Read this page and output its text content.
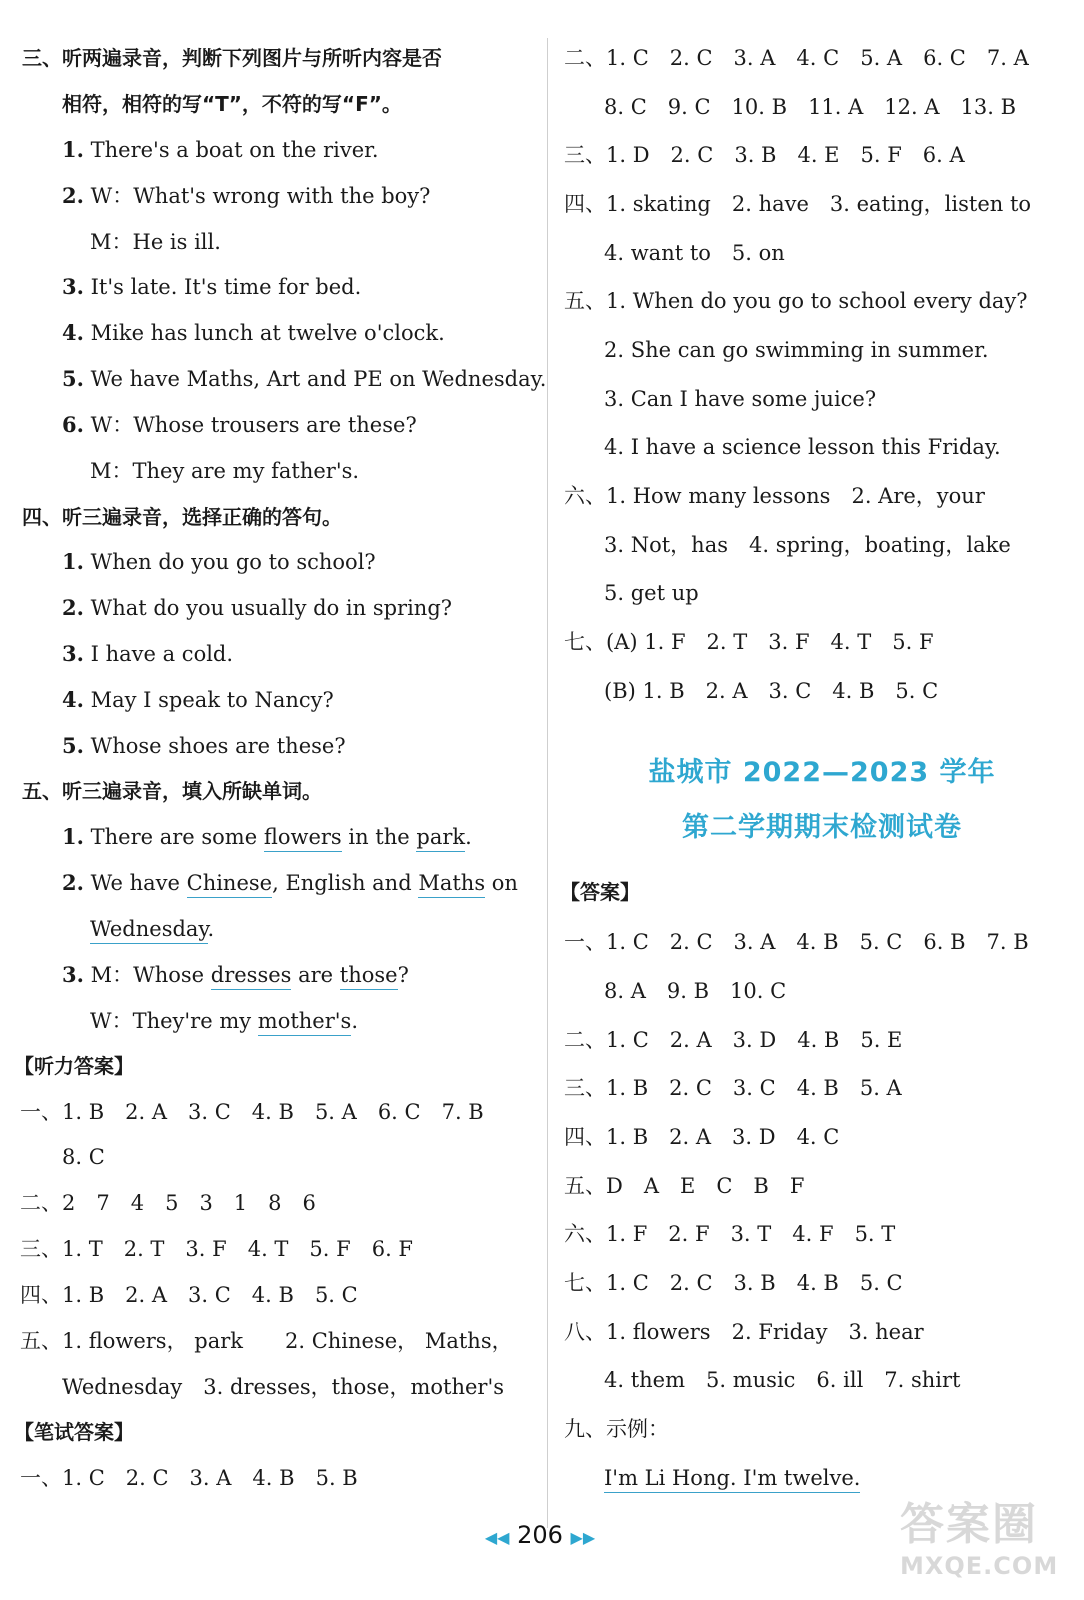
三、听两遍录音，判断下列图片与所听内容是否
相符，相符的写“T”，不符的写“F”。
1. There's a boat on the river.
2. W：What's wrong with the boy?
M：He is ill.
3. It's late. It's time for bed.
4. Mike has lunch at twelve o'clock.
5. We have Maths, Art and PE on Wednesday.
6. W：Whose trousers are these?
M：They are my father's.
四、听三遍录音，选择正确的答句。
1. When do you go to school?
2. What do you usually do in spring?
3. I have a cold.
4. May I speak to Nancy?
5. Whose shoes are these?
五、听三遍录音，填入所缺单词。
1. There are some flowers in the park.
2. We have Chinese, English and Maths on
Wednesday.
3. M：Whose dresses are those?
W：They're my mother's.
【听力答案】
一、1. B　2. A　3. C　4. B　5. A　6. C　7. B
8. C
二、2　7　4　5　3　1　8　6
三、1. T　2. T　3. F　4. T　5. F　6. F
四、1. B　2. A　3. C　4. B　5. C
五、1. flowers， park　　2. Chinese， Maths，
Wednesday　3. dresses，those，mother's
【笔试答案】
一、1. C　2. C　3. A　4. B　5. B
二、1. C　2. C　3. A　4. C　5. A　6. C　7. A
8. C　9. C　10. B　11. A　12. A　13. B
三、1. D　2. C　3. B　4. E　5. F　6. A
四、1. skating　2. have　3. eating，listen to
4. want to　5. on
五、1. When do you go to school every day?
2. She can go swimming in summer.
3. Can I have some juice?
4. I have a science lesson this Friday.
六、1. How many lessons　2. Are，your
3. Not，has　4. spring，boating，lake
5. get up
七、(A) 1. F　2. T　3. F　4. T　5. F
(B) 1. B　2. A　3. C　4. B　5. C
盐城市 2022—2023 学年
第二学期期末检测试卷
【答案】
一、1. C　2. C　3. A　4. B　5. C　6. B　7. B
8. A　9. B　10. C
二、1. C　2. A　3. D　4. B　5. E
三、1. B　2. C　3. C　4. B　5. A
四、1. B　2. A　3. D　4. C
五、D　A　E　C　B　F
六、1. F　2. F　3. T　4. F　5. T
七、1. C　2. C　3. B　4. B　5. C
八、1. flowers　2. Friday　3. hear
4. them　5. music　6. ill　7. shirt
九、示例：
I'm Li Hong. I'm twelve.
◀◀ 206 ▶▶	答案圈
MXQE.COM
